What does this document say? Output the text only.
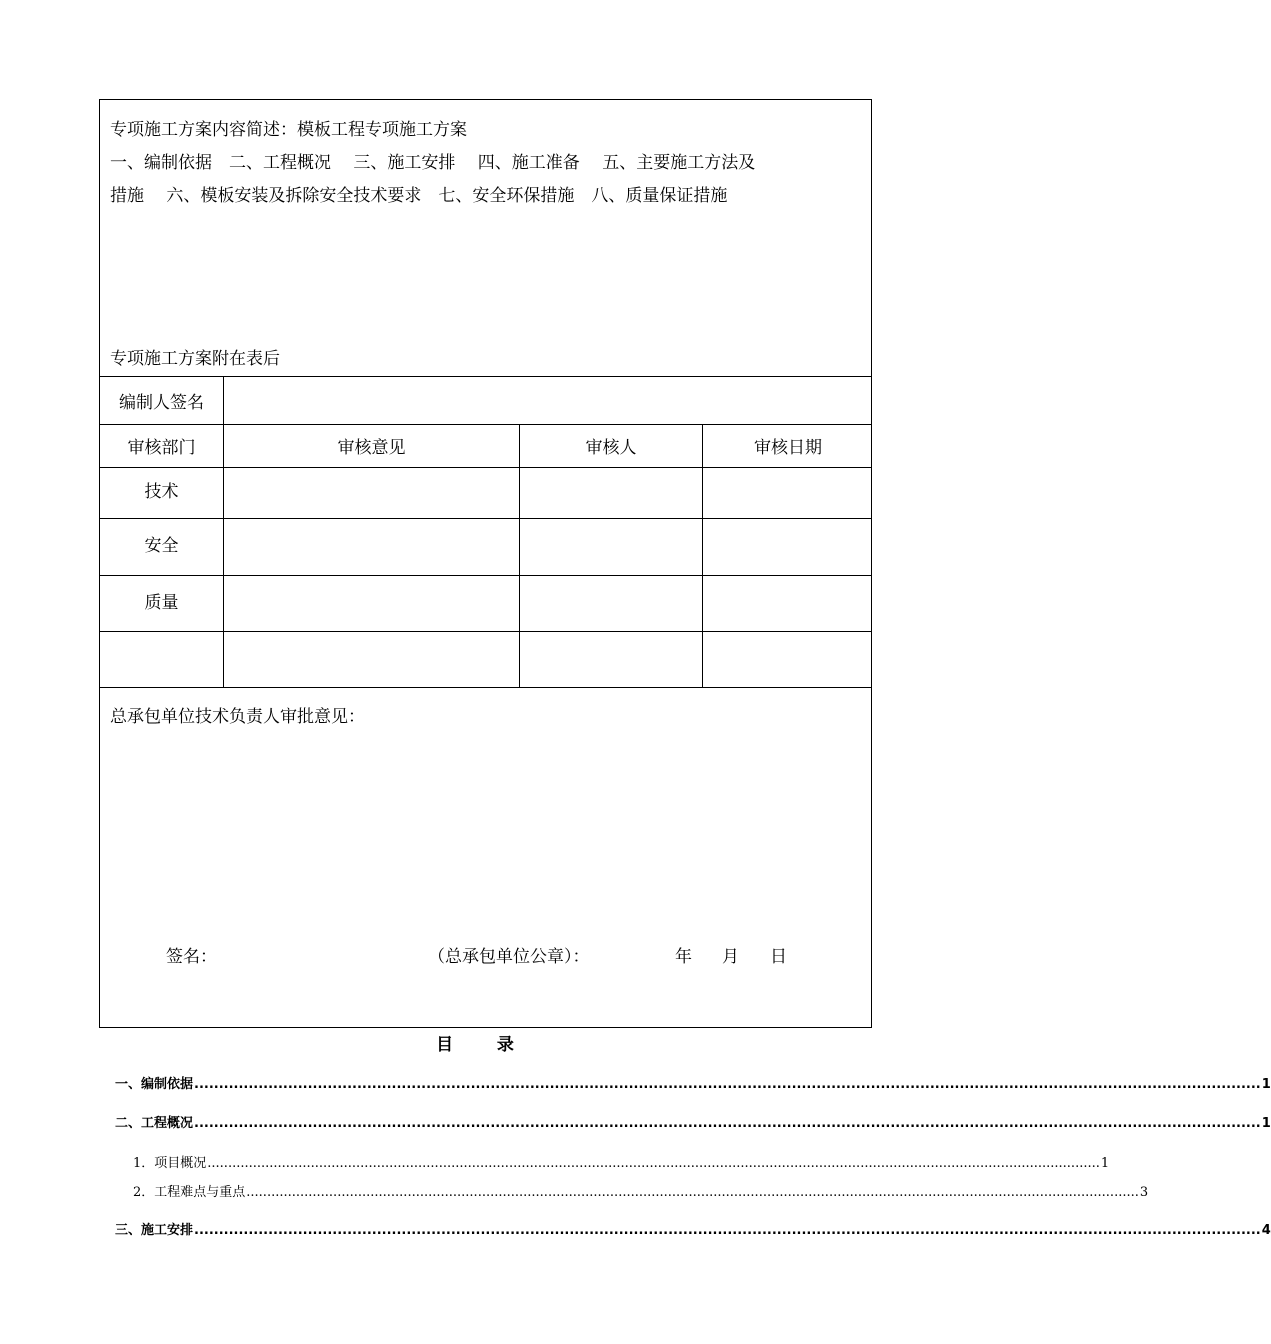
专项施工方案内容简述：模板工程专项施工方案
一、编制依据　二、工程概况　 三、施工安排　 四、施工准备　 五、主要施工方法及
措施　 六、模板安装及拆除安全技术要求　七、安全环保措施　八、质量保证措施
专项施工方案附在表后
编制人签名
审核部门	审核意见	审核人	审核日期
技术
安全
质量
总承包单位技术负责人审批意见：
签名：	（总承包单位公章）：	年 月 日
目	录
一、编制依据 ........................................................................................................................................................................................................................ 1
二、工程概况 ........................................................................................................................................................................................................................ 1
1．项目概况 ........................................................................................................................................................................................................................ 1
2．工程难点与重点 ........................................................................................................................................................................................................................ 3
三、施工安排 ........................................................................................................................................................................................................................ 4
